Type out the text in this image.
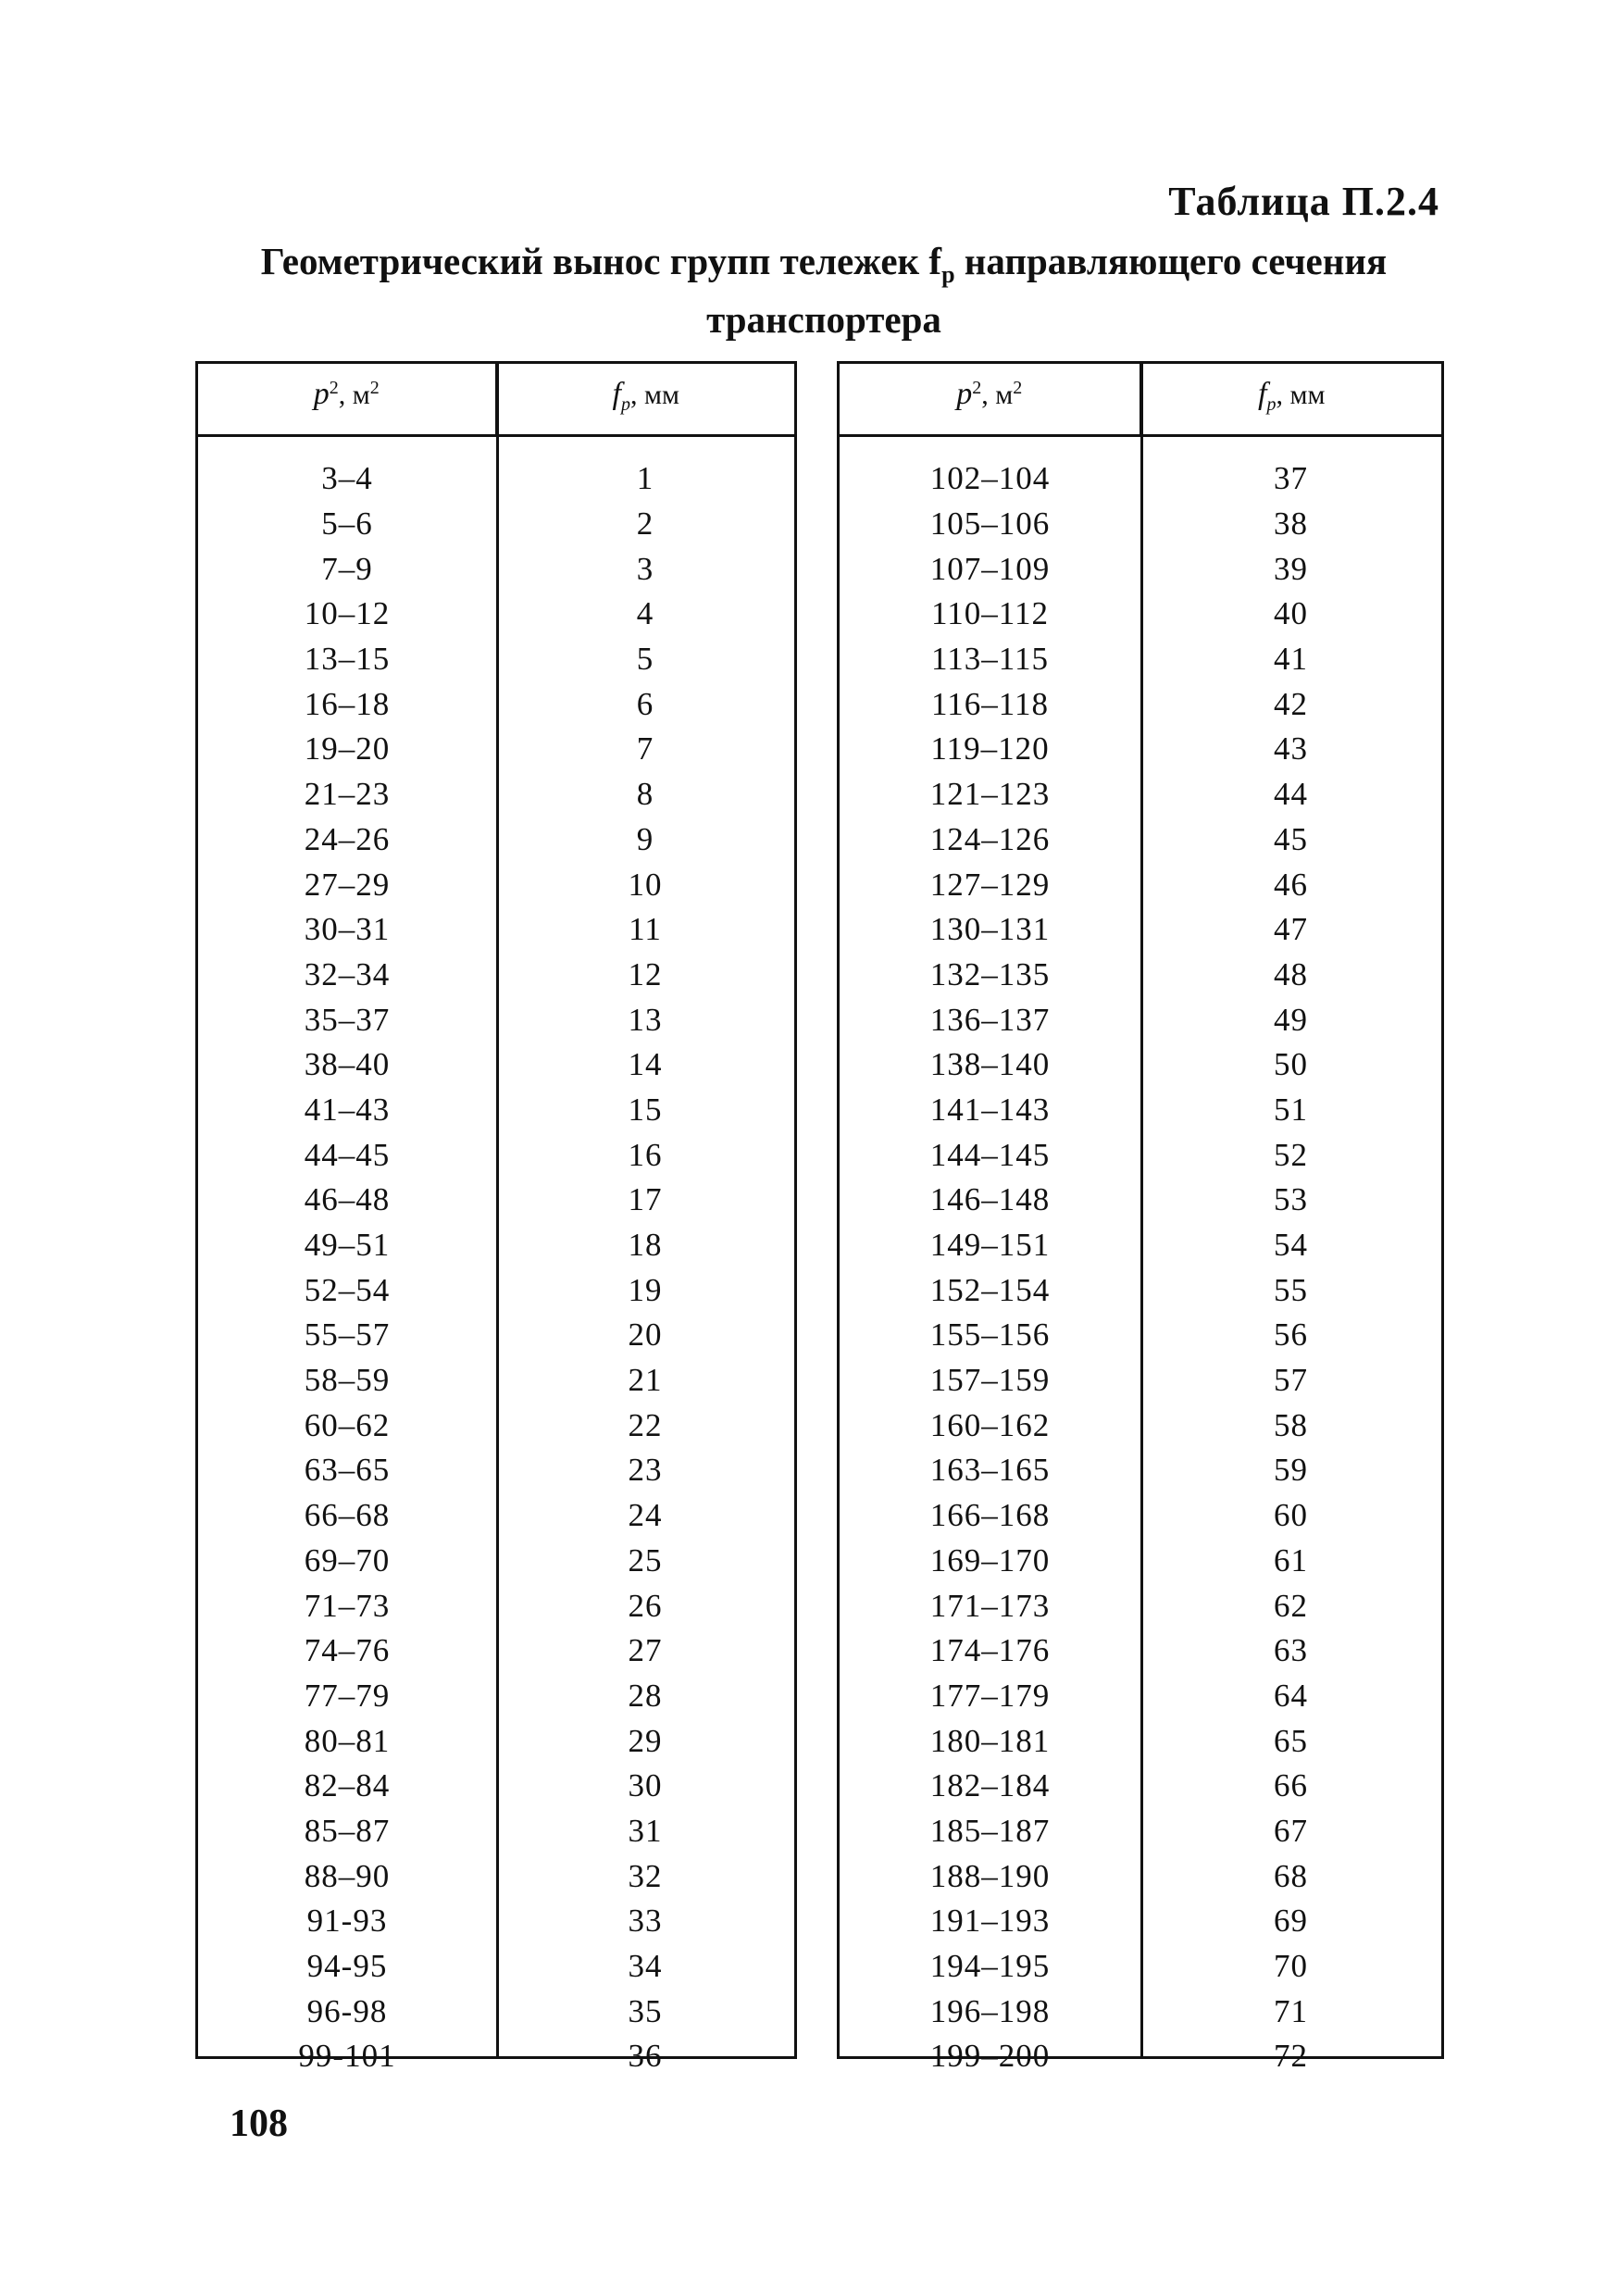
Таблица П.2.4
Геометрический вынос групп тележек $f_p$ направляющего сечения
транспортера
$p^2$, $м^2$	$f_p$, мм
3–4	1
5–6	2
7–9	3
10–12	4
13–15	5
16–18	6
19–20	7
21–23	8
24–26	9
27–29	10
30–31	11
32–34	12
35–37	13
38–40	14
41–43	15
44–45	16
46–48	17
49–51	18
52–54	19
55–57	20
58–59	21
60–62	22
63–65	23
66–68	24
69–70	25
71–73	26
74–76	27
77–79	28
80–81	29
82–84	30
85–87	31
88–90	32
91-93	33
94-95	34
96-98	35
99-101	36
$p^2$, $м^2$	$f_p$, мм
102–104	37
105–106	38
107–109	39
110–112	40
113–115	41
116–118	42
119–120	43
121–123	44
124–126	45
127–129	46
130–131	47
132–135	48
136–137	49
138–140	50
141–143	51
144–145	52
146–148	53
149–151	54
152–154	55
155–156	56
157–159	57
160–162	58
163–165	59
166–168	60
169–170	61
171–173	62
174–176	63
177–179	64
180–181	65
182–184	66
185–187	67
188–190	68
191–193	69
194–195	70
196–198	71
199–200	72
108
